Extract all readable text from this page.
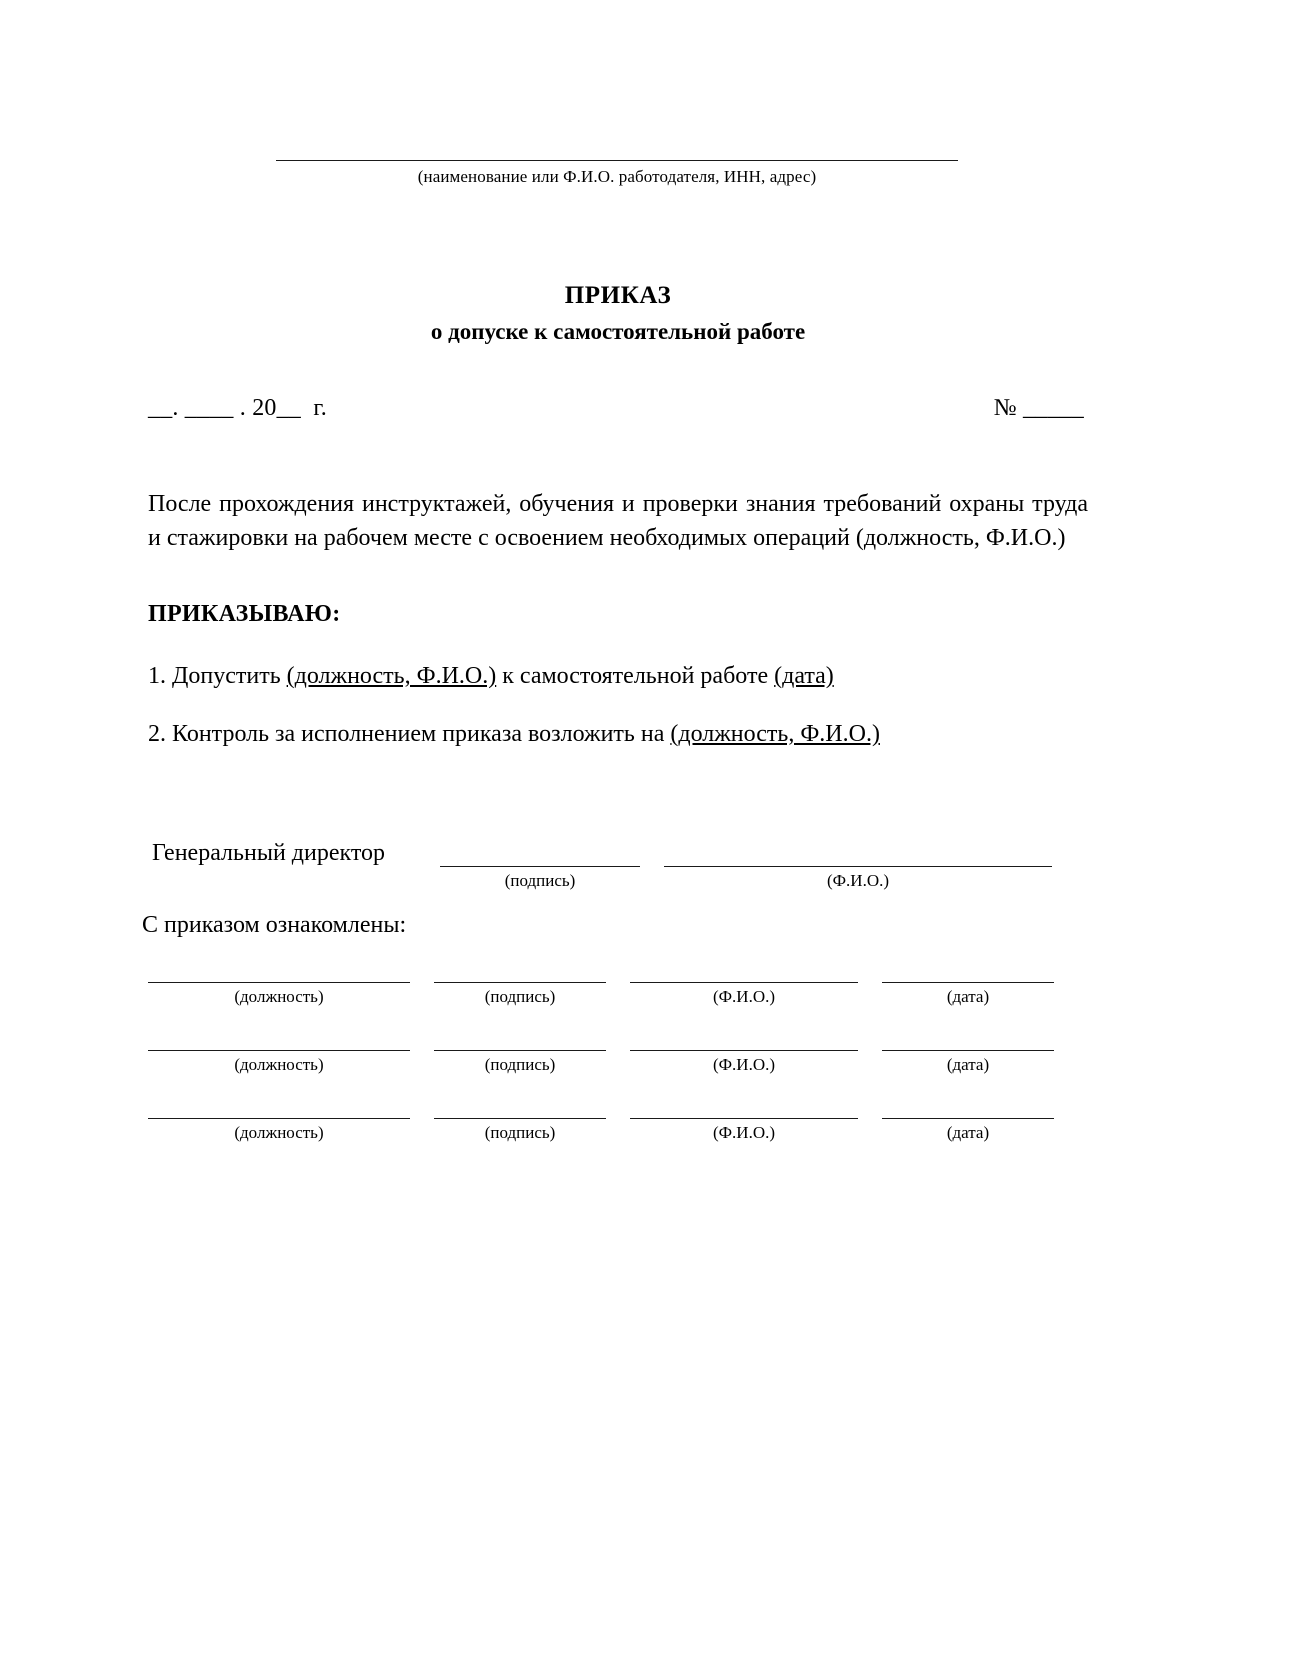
(наименование или Ф.И.О. работодателя, ИНН, адрес)
ПРИКАЗ
о допуске к самостоятельной работе
__. ____ . 20__  г.	№ _____
После прохождения инструктажей, обучения и проверки знания требований охраны труда и стажировки на рабочем месте с освоением необходимых операций (должность, Ф.И.О.)
ПРИКАЗЫВАЮ:
1. Допустить (должность, Ф.И.О.) к самостоятельной работе (дата)
2. Контроль за исполнением приказа возложить на (должность, Ф.И.О.)
Генеральный директор
(подпись)	(Ф.И.О.)
С приказом ознакомлены:
(должность)	(подпись)	(Ф.И.О.)	(дата)
(должность)	(подпись)	(Ф.И.О.)	(дата)
(должность)	(подпись)	(Ф.И.О.)	(дата)
